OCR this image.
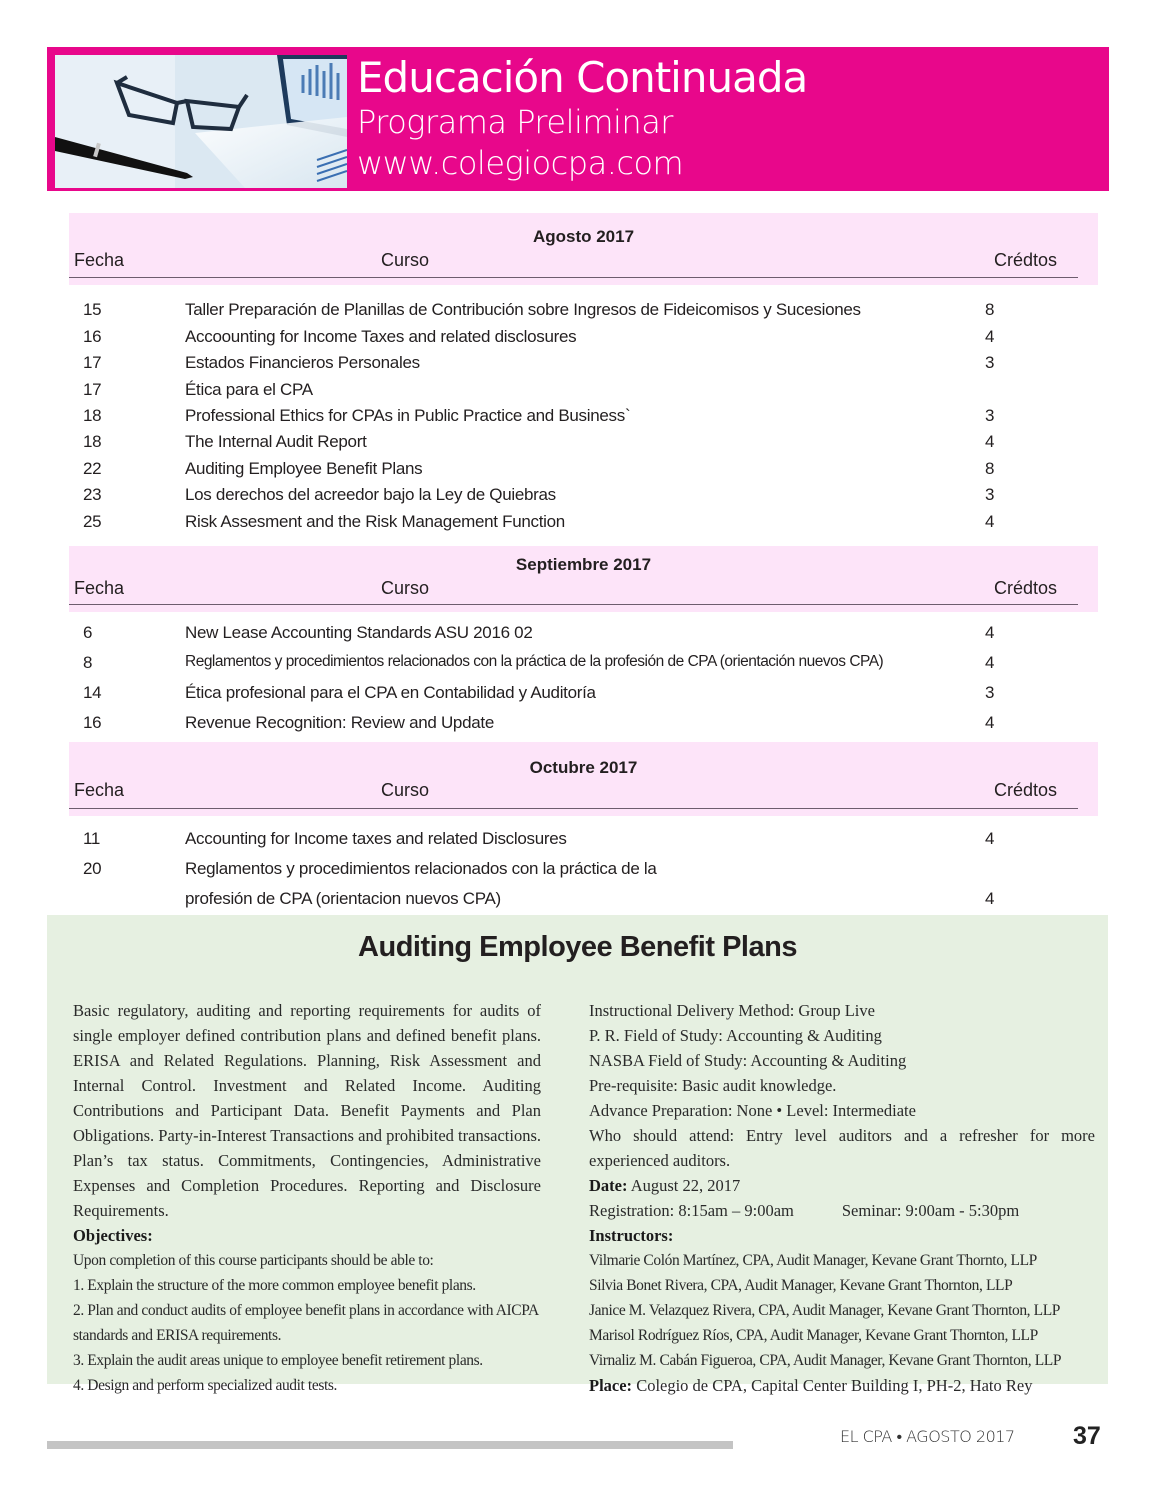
Educación Continuada
Programa Preliminar
www.colegiocpa.com
Agosto 2017
Fecha	Curso	Crédtos
15	Taller Preparación de Planillas de Contribución sobre Ingresos de Fideicomisos y Sucesiones	8
16	Accoounting for Income Taxes and related disclosures	4
17	Estados Financieros Personales	3
17	Ética para el CPA
18	Professional Ethics for CPAs in Public Practice and Business`	3
18	The Internal Audit Report	4
22	Auditing Employee Benefit Plans	8
23	Los derechos del acreedor bajo la Ley de Quiebras	3
25	Risk Assesment and the Risk Management Function	4
Septiembre 2017
Fecha	Curso	Crédtos
6	New Lease Accounting Standards ASU 2016 02	4
8	Reglamentos y procedimientos relacionados con la práctica de la profesión de CPA (orientación nuevos CPA)	4
14	Ética profesional para el CPA en Contabilidad y Auditoría	3
16	Revenue Recognition: Review and Update	4
Octubre 2017
Fecha	Curso	Crédtos
11	Accounting for Income taxes and related Disclosures	4
20	Reglamentos y procedimientos relacionados con la práctica de la
profesión de CPA (orientacion nuevos CPA)	4
Auditing Employee Benefit Plans

Basic regulatory, auditing and reporting requirements for audits of single employer defined contribution plans and defined benefit plans. ERISA and Related Regulations. Planning, Risk Assessment and Internal Control. Investment and Related Income. Auditing Contributions and Participant Data. Benefit Payments and Plan Obligations. Party-in-Interest Transactions and prohibited transactions. Plan’s tax status. Commitments, Contingencies, Administrative Expenses and Completion Procedures. Reporting and Disclosure Requirements.

Objectives:

Upon completion of this course participants should be able to:

1. Explain the structure of the more common employee benefit plans.

2. Plan and conduct audits of employee benefit plans in accordance with AICPA standards and ERISA requirements.

3. Explain the audit areas unique to employee benefit retirement plans.

4. Design and perform specialized audit tests.

Instructional Delivery Method: Group Live

P. R. Field of Study: Accounting & Auditing

NASBA Field of Study: Accounting & Auditing

Pre-requisite: Basic audit knowledge.

Advance Preparation: None • Level: Intermediate

Who should attend: Entry level auditors and a refresher for more experienced auditors.

Date: August 22, 2017

Registration: 8:15am – 9:00am	Seminar: 9:00am - 5:30pm

Instructors:

Vilmarie Colón Martínez, CPA, Audit Manager, Kevane Grant Thornto, LLP

Silvia Bonet Rivera, CPA, Audit Manager, Kevane Grant Thornton, LLP

Janice M. Velazquez Rivera, CPA, Audit Manager, Kevane Grant Thornton, LLP

Marisol Rodríguez Ríos, CPA, Audit Manager, Kevane Grant Thornton, LLP

Virnaliz M. Cabán Figueroa, CPA, Audit Manager, Kevane Grant Thornton, LLP

Place: Colegio de CPA, Capital Center Building I, PH-2, Hato Rey

EL CPA • AGOSTO 2017 37
